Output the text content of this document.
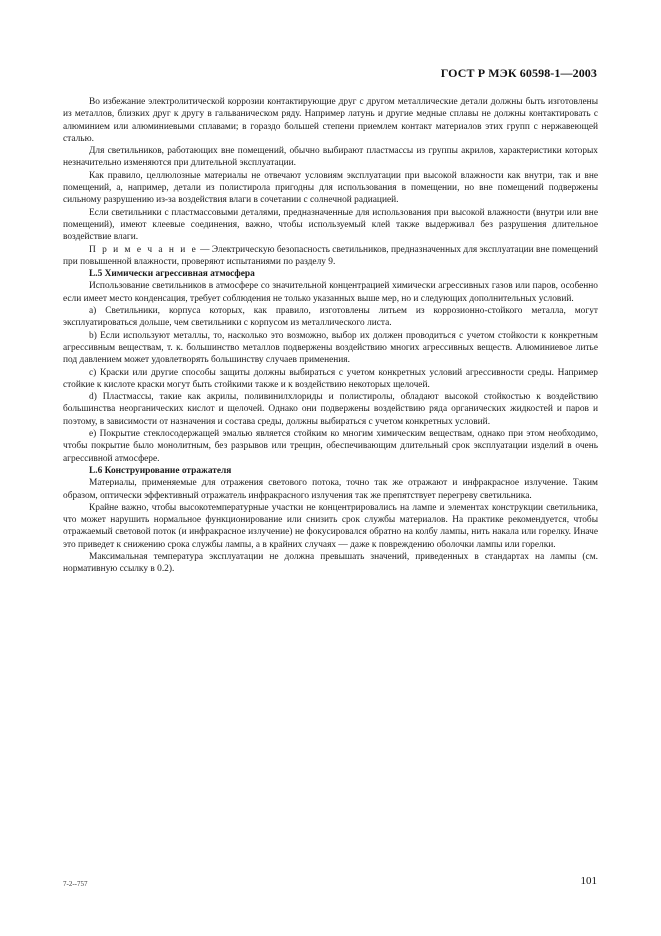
ГОСТ Р МЭК 60598-1—2003

Во избежание электролитической коррозии контактирующие друг с другом металлические детали должны быть изготовлены из металлов, близких друг к другу в гальваническом ряду. Например латунь и другие медные сплавы не должны контактировать с алюминием или алюминиевыми сплавами; в гораздо большей степени приемлем контакт материалов этих групп с нержавеющей сталью.

Для светильников, работающих вне помещений, обычно выбирают пластмассы из группы акрилов, характеристики которых незначительно изменяются при длительной эксплуатации.

Как правило, целлюлозные материалы не отвечают условиям эксплуатации при высокой влажности как внутри, так и вне помещений, а, например, детали из полистирола пригодны для использования в помещении, но вне помещений подвержены сильному разрушению из-за воздействия влаги в сочетании с солнечной радиацией.

Если светильники с пластмассовыми деталями, предназначенные для использования при высокой влажности (внутри или вне помещений), имеют клеевые соединения, важно, чтобы используемый клей также выдерживал без разрушения длительное воздействие влаги.

П р и м е ч а н и е — Электрическую безопасность светильников, предназначенных для эксплуатации вне помещений при повышенной влажности, проверяют испытаниями по разделу 9.

L.5 Химически агрессивная атмосфера

Использование светильников в атмосфере со значительной концентрацией химически агрессивных газов или паров, особенно если имеет место конденсация, требует соблюдения не только указанных выше мер, но и следующих дополнительных условий.

a) Светильники, корпуса которых, как правило, изготовлены литьем из коррозионно-стойкого металла, могут эксплуатироваться дольше, чем светильники с корпусом из металлического листа.

b) Если используют металлы, то, насколько это возможно, выбор их должен проводиться с учетом стойкости к конкретным агрессивным веществам, т. к. большинство металлов подвержены воздействию многих агрессивных веществ. Алюминиевое литье под давлением может удовлетворять большинству случаев применения.

c) Краски или другие способы защиты должны выбираться с учетом конкретных условий агрессивности среды. Например стойкие к кислоте краски могут быть стойкими также и к воздействию некоторых щелочей.

d) Пластмассы, такие как акрилы, поливинилхлориды и полистиролы, обладают высокой стойкостью к воздействию большинства неорганических кислот и щелочей. Однако они подвержены воздействию ряда органических жидкостей и паров и поэтому, в зависимости от назначения и состава среды, должны выбираться с учетом конкретных условий.

e) Покрытие стеклосодержащей эмалью является стойким ко многим химическим веществам, однако при этом необходимо, чтобы покрытие было монолитным, без разрывов или трещин, обеспечивающим длительный срок эксплуатации изделий в очень агрессивной атмосфере.

L.6 Конструирование отражателя

Материалы, применяемые для отражения светового потока, точно так же отражают и инфракрасное излучение. Таким образом, оптически эффективный отражатель инфракрасного излучения так же препятствует перегреву светильника.

Крайне важно, чтобы высокотемпературные участки не концентрировались на лампе и элементах конструкции светильника, что может нарушить нормальное функционирование или снизить срок службы материалов. На практике рекомендуется, чтобы отражаемый световой поток (и инфракрасное излучение) не фокусировался обратно на колбу лампы, нить накала или горелку. Иначе это приведет к снижению срока службы лампы, а в крайних случаях — даже к повреждению оболочки лампы или горелки.

Максимальная температура эксплуатации не должна превышать значений, приведенных в стандартах на лампы (см. нормативную ссылку в 0.2).

7-2--757	101
